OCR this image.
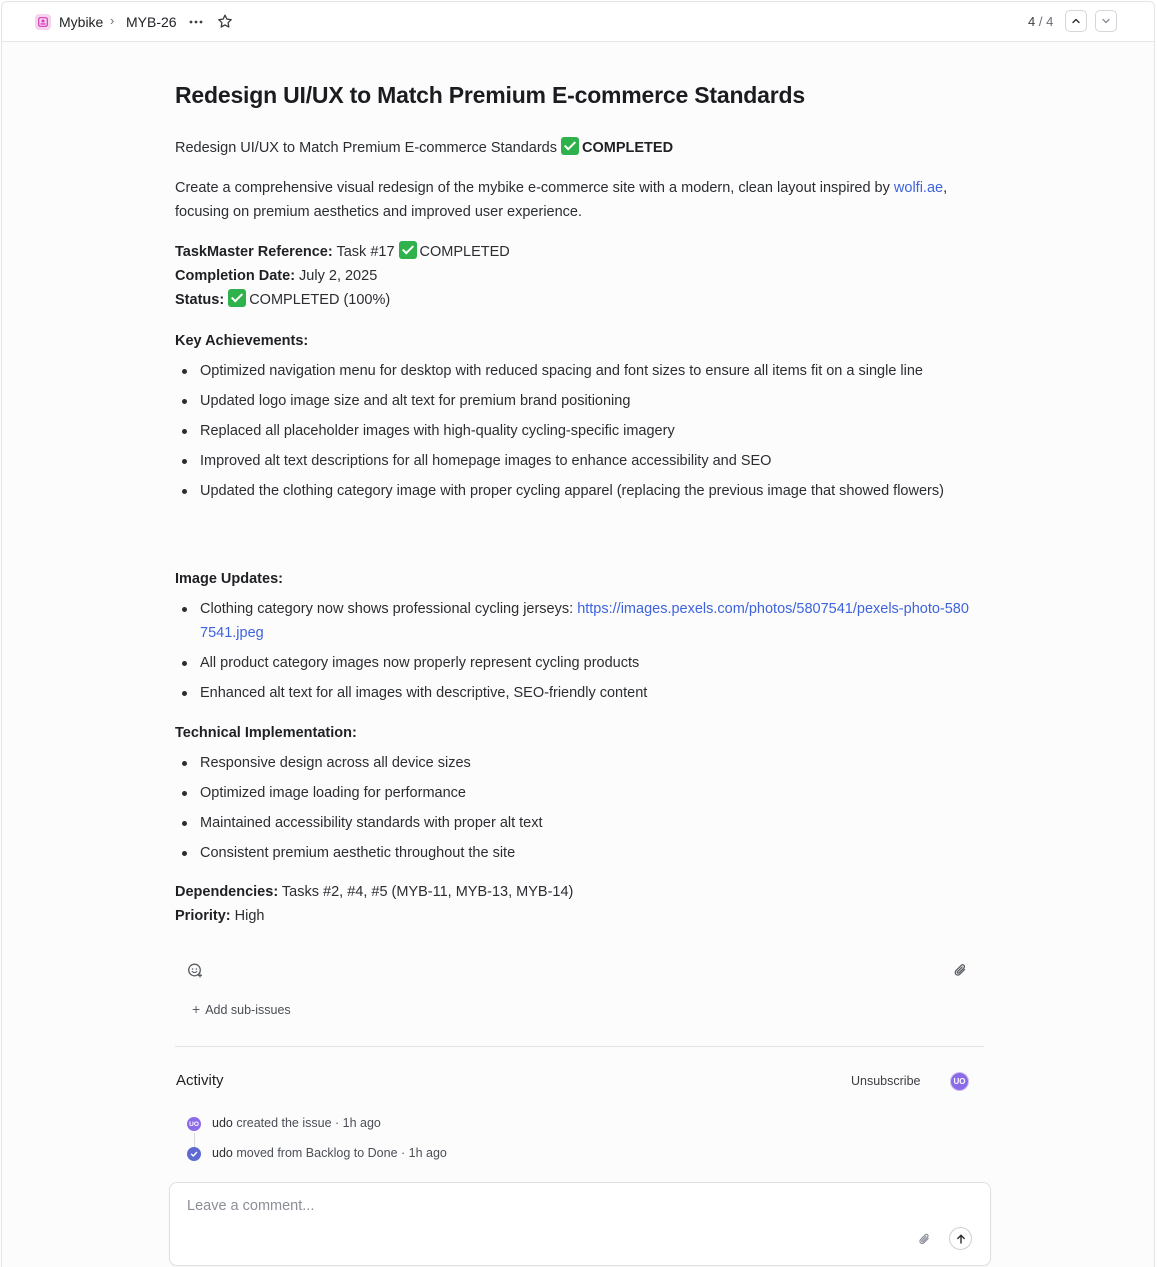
Mybike › MYB-26	4 / 4
Redesign UI/UX to Match Premium E-commerce Standards
Redesign UI/UX to Match Premium E-commerce Standards COMPLETED
Create a comprehensive visual redesign of the mybike e-commerce site with a modern, clean layout inspired by wolfi.ae, focusing on premium aesthetics and improved user experience.
TaskMaster Reference: Task #17 COMPLETED
Completion Date: July 2, 2025
Status: COMPLETED (100%)
Key Achievements:
Optimized navigation menu for desktop with reduced spacing and font sizes to ensure all items fit on a single line
Updated logo image size and alt text for premium brand positioning
Replaced all placeholder images with high-quality cycling-specific imagery
Improved alt text descriptions for all homepage images to enhance accessibility and SEO
Updated the clothing category image with proper cycling apparel (replacing the previous image that showed flowers)
Image Updates:
Clothing category now shows professional cycling jerseys: https://images.pexels.com/photos/5807541/pexels-photo-5807541.jpeg
All product category images now properly represent cycling products
Enhanced alt text for all images with descriptive, SEO-friendly content
Technical Implementation:
Responsive design across all device sizes
Optimized image loading for performance
Maintained accessibility standards with proper alt text
Consistent premium aesthetic throughout the site
Dependencies: Tasks #2, #4, #5 (MYB-11, MYB-13, MYB-14)
Priority: High
+ Add sub-issues
Activity	Unsubscribe	UO
UO udo created the issue · 1h ago
udo moved from Backlog to Done · 1h ago
Leave a comment...
